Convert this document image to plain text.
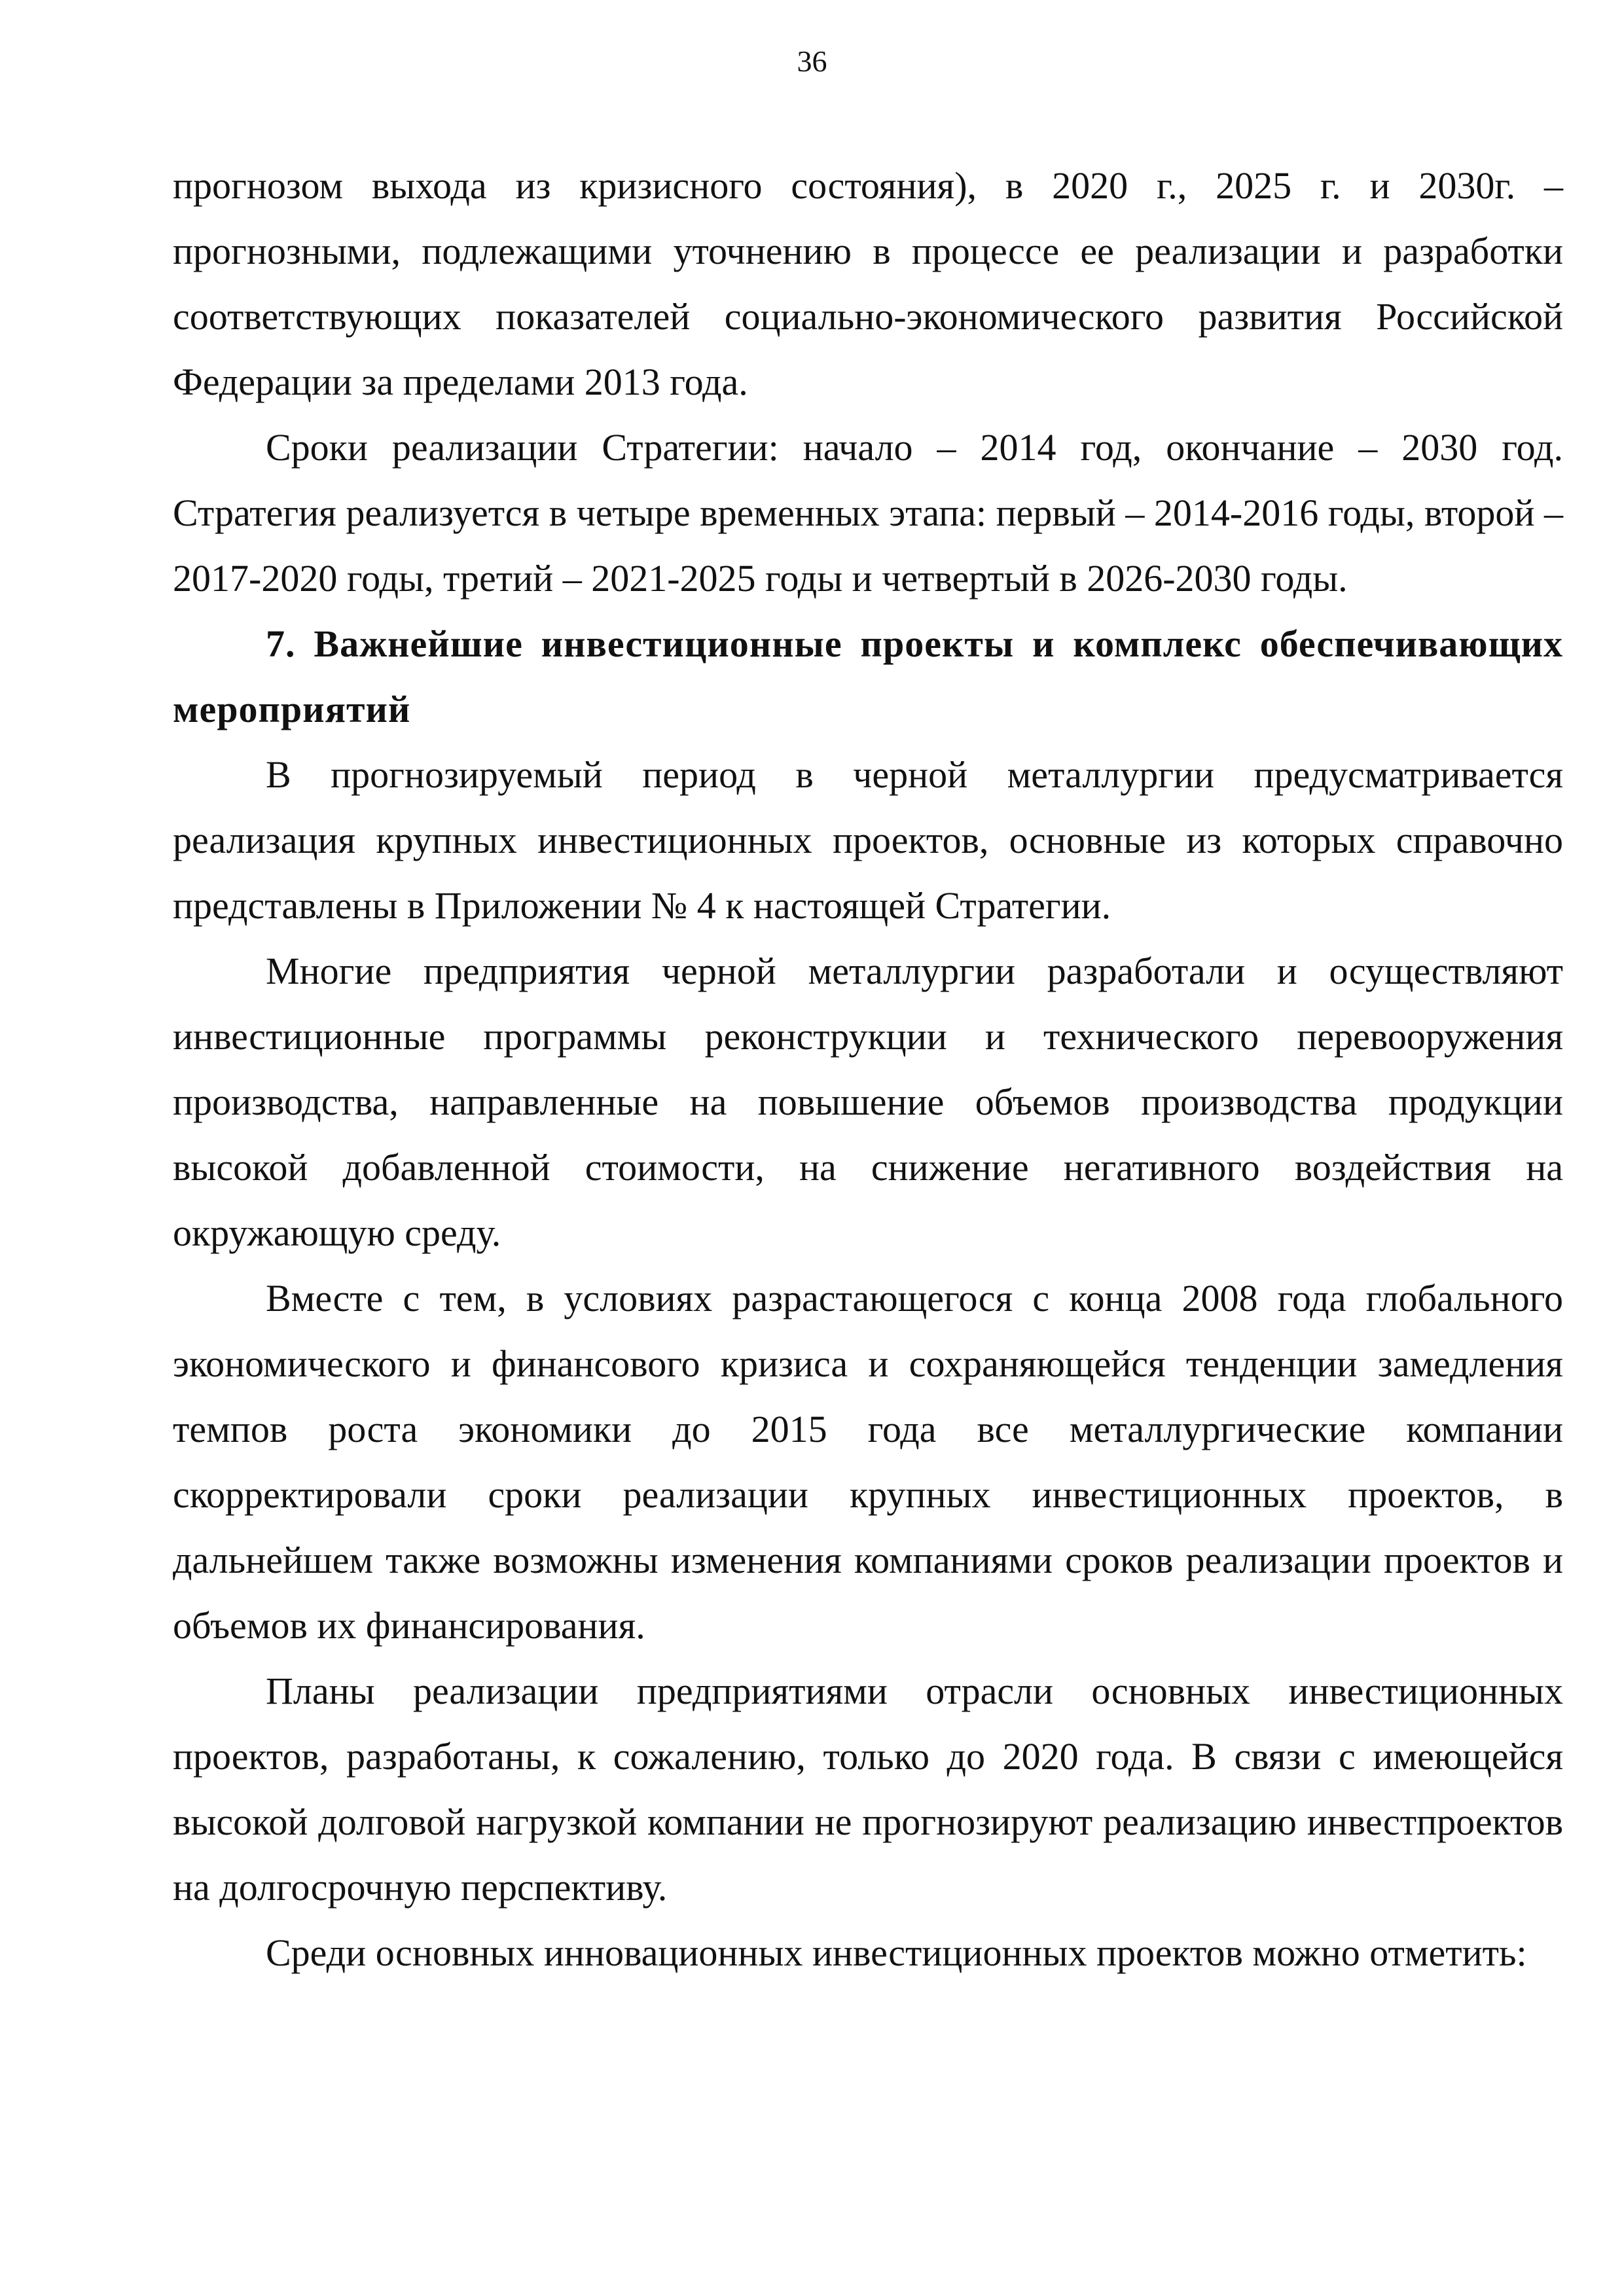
36

прогнозом выхода из кризисного состояния), в 2020 г., 2025 г. и 2030г. – прогнозными, подлежащими уточнению в процессе ее реализации и разработки соответствующих показателей социально-экономического развития Российской Федерации за пределами 2013 года.

Сроки реализации Стратегии: начало – 2014 год, окончание – 2030 год. Стратегия реализуется в четыре временных этапа: первый – 2014-2016 годы, второй –2017-2020 годы, третий – 2021-2025 годы и четвертый в 2026-2030 годы.

7. Важнейшие инвестиционные проекты и комплекс обеспечивающих мероприятий

В прогнозируемый период в черной металлургии предусматривается реализация крупных инвестиционных проектов, основные из которых справочно представлены в Приложении № 4 к настоящей Стратегии.

Многие предприятия черной металлургии разработали и осуществляют инвестиционные программы реконструкции и технического перевооружения производства, направленные на повышение объемов производства продукции высокой добавленной стоимости, на снижение негативного воздействия на окружающую среду.

Вместе с тем, в условиях разрастающегося с конца 2008 года глобального экономического и финансового кризиса и сохраняющейся тенденции замедления темпов роста экономики до 2015 года все металлургические компании скорректировали сроки реализации крупных инвестиционных проектов, в дальнейшем также возможны изменения компаниями сроков реализации проектов и объемов их финансирования.

Планы реализации предприятиями отрасли основных инвестиционных проектов, разработаны, к сожалению, только до 2020 года. В связи с имеющейся высокой долговой нагрузкой компании не прогнозируют реализацию инвестпроектов на долгосрочную перспективу.

Среди основных инновационных инвестиционных проектов можно отметить:
